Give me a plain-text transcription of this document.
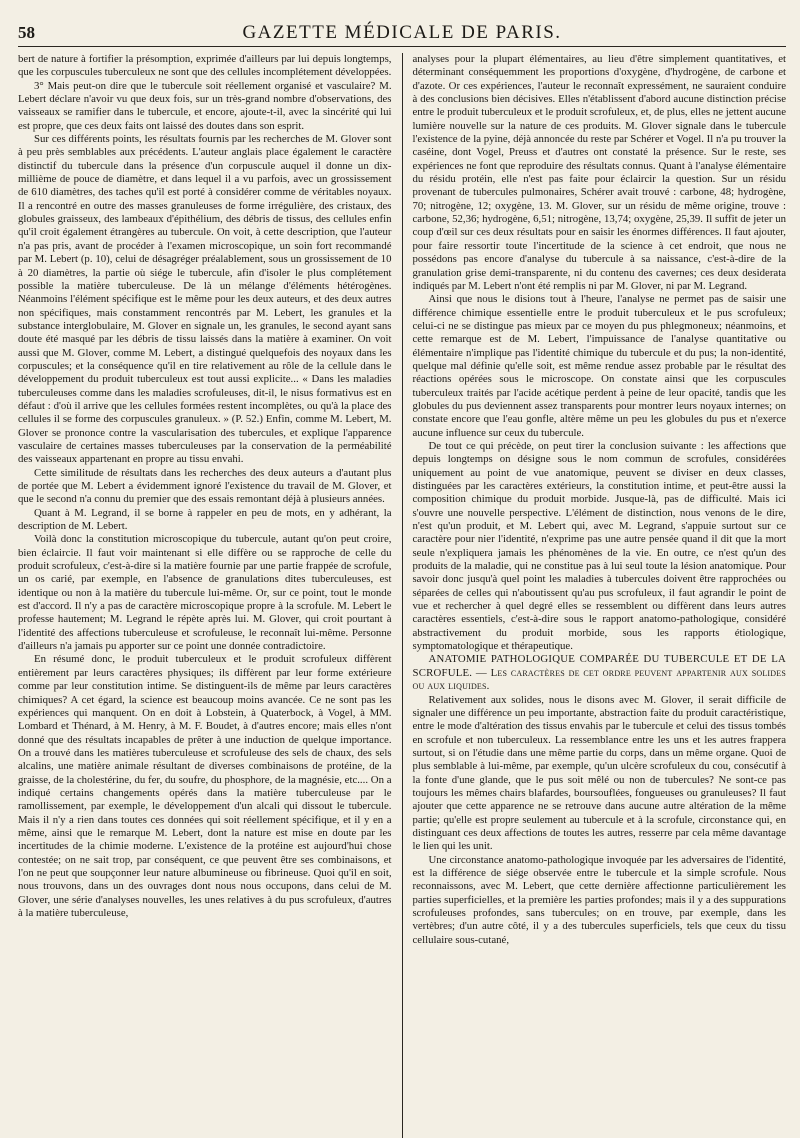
58	GAZETTE MÉDICALE DE PARIS.

bert de nature à fortifier la présomption, exprimée d'ailleurs par lui depuis longtemps, que les corpuscules tuberculeux ne sont que des cellules incomplétement développées.

3° Mais peut-on dire que le tubercule soit réellement organisé et vasculaire? M. Lebert déclare n'avoir vu que deux fois, sur un très-grand nombre d'observations, des vaisseaux se ramifier dans le tubercule, et encore, ajoute-t-il, avec la sincérité qui lui est propre, que ces deux faits ont laissé des doutes dans son esprit.

Sur ces différents points, les résultats fournis par les recherches de M. Glover sont à peu près semblables aux précédents. L'auteur anglais place également le caractère distinctif du tubercule dans la présence d'un corpuscule auquel il donne un dix-millième de pouce de diamètre, et dans lequel il a vu parfois, avec un grossissement de 610 diamètres, des taches qu'il est porté à considérer comme de véritables noyaux. Il a rencontré en outre des masses granuleuses de forme irrégulière, des cristaux, des globules graisseux, des lambeaux d'épithélium, des débris de tissus, des cellules enfin qu'il croit également étrangères au tubercule. On voit, à cette description, que l'auteur n'a pas pris, avant de procéder à l'examen microscopique, un soin fort recommandé par M. Lebert (p. 10), celui de désagréger préalablement, sous un grossissement de 10 à 20 diamètres, la partie où siége le tubercule, afin d'isoler le plus complétement possible la matière tuberculeuse. De là un mélange d'éléments hétérogènes. Néanmoins l'élément spécifique est le même pour les deux auteurs, et des deux autres non spécifiques, mais constamment rencontrés par M. Lebert, les granules et la substance interglobulaire, M. Glover en signale un, les granules, le second ayant sans doute été masqué par les débris de tissu laissés dans la matière à examiner. On voit aussi que M. Glover, comme M. Lebert, a distingué quelquefois des noyaux dans les corpuscules; et la conséquence qu'il en tire relativement au rôle de la cellule dans le développement du produit tuberculeux est tout aussi explicite... « Dans les maladies tuberculeuses comme dans les maladies scrofuleuses, dit-il, le nisus formativus est en défaut : d'où il arrive que les cellules formées restent incomplètes, ou qu'à la place des cellules il se forme des corpuscules granuleux. » (P. 52.) Enfin, comme M. Lebert, M. Glover se prononce contre la vascularisation des tubercules, et explique l'apparence vasculaire de certaines masses tuberculeuses par la conservation de la perméabilité des vaisseaux appartenant en propre au tissu envahi.

Cette similitude de résultats dans les recherches des deux auteurs a d'autant plus de portée que M. Lebert a évidemment ignoré l'existence du travail de M. Glover, et que le second n'a connu du premier que des essais remontant déjà à plusieurs années.

Quant à M. Legrand, il se borne à rappeler en peu de mots, en y adhérant, la description de M. Lebert.

Voilà donc la constitution microscopique du tubercule, autant qu'on peut croire, bien éclaircie. Il faut voir maintenant si elle diffère ou se rapproche de celle du produit scrofuleux, c'est-à-dire si la matière fournie par une partie frappée de scrofule, un os carié, par exemple, en l'absence de granulations dites tuberculeuses, est identique ou non à la matière du tubercule lui-même. Or, sur ce point, tout le monde est d'accord. Il n'y a pas de caractère microscopique propre à la scrofule. M. Lebert le professe hautement; M. Legrand le répète après lui. M. Glover, qui croit pourtant à l'identité des affections tuberculeuse et scrofuleuse, le reconnaît lui-même. Personne d'ailleurs n'a jamais pu apporter sur ce point une donnée contradictoire.

En résumé donc, le produit tuberculeux et le produit scrofuleux diffèrent entièrement par leurs caractères physiques; ils diffèrent par leur forme extérieure comme par leur constitution intime. Se distinguent-ils de même par leurs caractères chimiques? A cet égard, la science est beaucoup moins avancée. Ce ne sont pas les expériences qui manquent. On en doit à Lobstein, à Quaterbock, à Vogel, à MM. Lombard et Thénard, à M. Henry, à M. F. Boudet, à d'autres encore; mais elles n'ont donné que des résultats incapables de prêter à une induction de quelque importance. On a trouvé dans les matières tuberculeuse et scrofuleuse des sels de chaux, des sels alcalins, une matière animale résultant de diverses combinaisons de protéine, de la graisse, de la cholestérine, du fer, du soufre, du phosphore, de la magnésie, etc.... On a indiqué certains changements opérés dans la matière tuberculeuse par le ramollissement, par exemple, le développement d'un alcali qui dissout le tubercule. Mais il n'y a rien dans toutes ces données qui soit réellement spécifique, et il y en a même, ainsi que le remarque M. Lebert, dont la nature est mise en doute par les incertitudes de la chimie moderne. L'existence de la protéine est aujourd'hui chose contestée; on ne sait trop, par conséquent, ce que peuvent être ses combinaisons, et l'on ne peut que soupçonner leur nature albumineuse ou fibrineuse. Quoi qu'il en soit, nous trouvons, dans un des ouvrages dont nous nous occupons, dans celui de M. Glover, une série d'analyses nouvelles, les unes relatives à du pus scrofuleux, d'autres à la matière tuberculeuse,

analyses pour la plupart élémentaires, au lieu d'être simplement quantitatives, et déterminant conséquemment les proportions d'oxygène, d'hydrogène, de carbone et d'azote. Or ces expériences, l'auteur le reconnaît expressément, ne sauraient conduire à des conclusions bien décisives. Elles n'établissent d'abord aucune distinction précise entre le produit tuberculeux et le produit scrofuleux, et, de plus, elles ne jettent aucune lumière nouvelle sur la nature de ces produits. M. Glover signale dans le tubercule l'existence de la pyine, déjà annoncée du reste par Schérer et Vogel. Il n'a pu trouver la caséine, dont Vogel, Preuss et d'autres ont constaté la présence. Sur le reste, ses expériences ne font que reproduire des résultats connus. Quant à l'analyse élémentaire du résidu protéin, elle n'est pas faite pour éclaircir la question. Sur un résidu provenant de tubercules pulmonaires, Schérer avait trouvé : carbone, 48; hydrogène, 70; nitrogène, 12; oxygène, 13. M. Glover, sur un résidu de même origine, trouve : carbone, 52,36; hydrogène, 6,51; nitrogène, 13,74; oxygène, 25,39. Il suffit de jeter un coup d'œil sur ces deux résultats pour en saisir les énormes différences. Il faut ajouter, pour faire ressortir toute l'incertitude de la science à cet endroit, que nous ne possédons pas encore d'analyse du tubercule à sa naissance, c'est-à-dire de la granulation grise demi-transparente, ni du contenu des cavernes; ces deux desiderata indiqués par M. Lebert n'ont été remplis ni par M. Glover, ni par M. Legrand.

Ainsi que nous le disions tout à l'heure, l'analyse ne permet pas de saisir une différence chimique essentielle entre le produit tuberculeux et le pus scrofuleux; celui-ci ne se distingue pas mieux par ce moyen du pus phlegmoneux; néanmoins, et cette remarque est de M. Lebert, l'impuissance de l'analyse quantitative ou élémentaire n'implique pas l'identité chimique du tubercule et du pus; la non-identité, quelque mal définie qu'elle soit, est même rendue assez probable par le résultat des réactions opérées sous le microscope. On constate ainsi que les corpuscules tuberculeux traités par l'acide acétique perdent à peine de leur opacité, tandis que les globules du pus deviennent assez transparents pour montrer leurs noyaux internes; on constate encore que l'eau gonfle, altère même un peu les globules du pus et n'exerce aucune influence sur ceux du tubercule.

De tout ce qui précède, on peut tirer la conclusion suivante : les affections que depuis longtemps on désigne sous le nom commun de scrofules, considérées uniquement au point de vue anatomique, peuvent se diviser en deux classes, distinguées par les caractères extérieurs, la constitution intime, et peut-être aussi la composition chimique du produit morbide. Jusque-là, pas de difficulté. Mais ici s'ouvre une nouvelle perspective. L'élément de distinction, nous venons de le dire, n'est qu'un produit, et M. Lebert qui, avec M. Legrand, s'appuie surtout sur ce caractère pour nier l'identité, n'exprime pas une autre pensée quand il dit que la mort seule n'expliquera jamais les phénomènes de la vie. En outre, ce n'est qu'un des produits de la maladie, qui ne constitue pas à lui seul toute la lésion anatomique. Pour savoir donc jusqu'à quel point les maladies à tubercules doivent être rapprochées ou séparées de celles qui n'aboutissent qu'au pus scrofuleux, il faut agrandir le point de vue et rechercher à quel degré elles se ressemblent ou diffèrent dans leurs autres caractères essentiels, c'est-à-dire sous le rapport anatomo-pathologique, considéré abstractivement du produit morbide, sous les rapports étiologique, symptomatologique et thérapeutique.

ANATOMIE PATHOLOGIQUE COMPARÉE DU TUBERCULE ET DE LA SCROFULE. — Les caractères de cet ordre peuvent appartenir aux solides ou aux liquides.

Relativement aux solides, nous le disons avec M. Glover, il serait difficile de signaler une différence un peu importante, abstraction faite du produit caractéristique, entre le mode d'altération des tissus envahis par le tubercule et celui des tissus tombés en scrofule et non tuberculeux. La ressemblance entre les uns et les autres frappera surtout, si on l'étudie dans une même partie du corps, dans un même organe. Quoi de plus semblable à lui-même, par exemple, qu'un ulcère scrofuleux du cou, consécutif à la fonte d'une glande, que le pus soit mêlé ou non de tubercules? Ne sont-ce pas toujours les mêmes chairs blafardes, boursouflées, fongueuses ou granuleuses? Il faut ajouter que cette apparence ne se retrouve dans aucune autre altération de la même partie; qu'elle est propre seulement au tubercule et à la scrofule, circonstance qui, en distinguant ces deux affections de toutes les autres, resserre par cela même davantage le lien qui les unit.

Une circonstance anatomo-pathologique invoquée par les adversaires de l'identité, est la différence de siége observée entre le tubercule et la simple scrofule. Nous reconnaissons, avec M. Lebert, que cette dernière affectionne particulièrement les parties superficielles, et la première les parties profondes; mais il y a des suppurations scrofuleuses profondes, sans tubercules; on en trouve, par exemple, dans les vertèbres; d'un autre côté, il y a des tubercules superficiels, tels que ceux du tissu cellulaire sous-cutané,
